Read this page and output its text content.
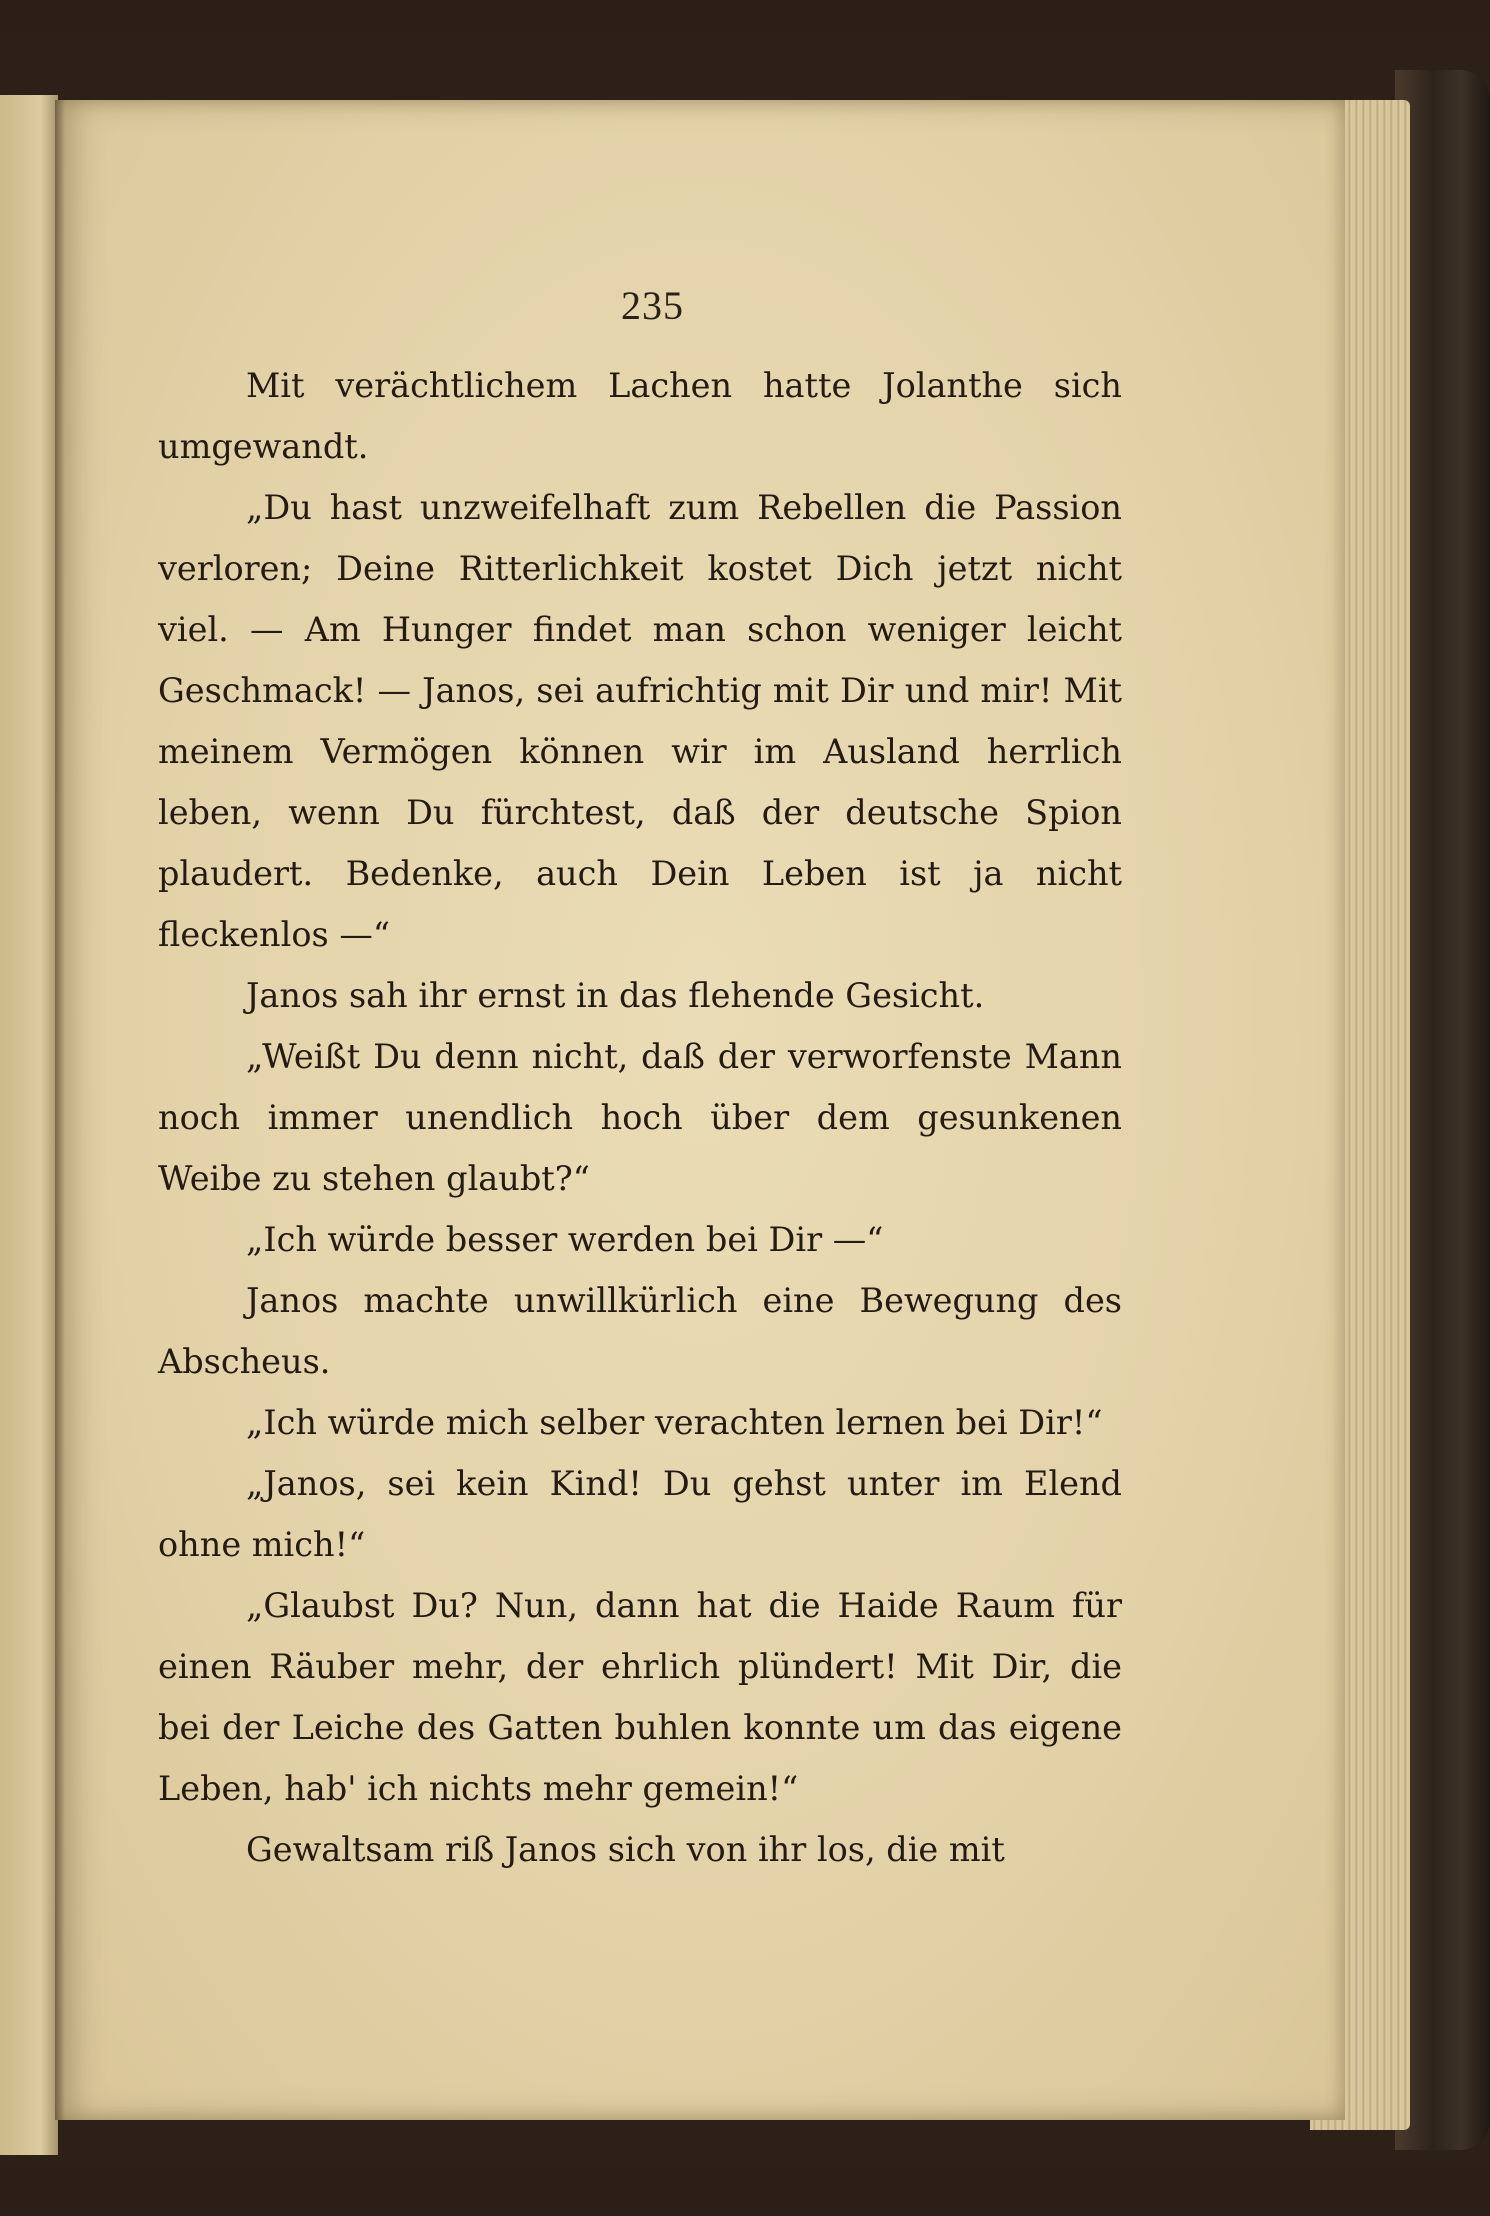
235

Mit verächtlichem Lachen hatte Jolanthe sich umgewandt.

„Du hast unzweifelhaft zum Rebellen die Passion verloren; Deine Ritterlichkeit kostet Dich jetzt nicht viel. — Am Hunger findet man schon weniger leicht Geschmack! — Janos, sei aufrichtig mit Dir und mir! Mit meinem Vermögen können wir im Ausland herrlich leben, wenn Du fürchtest, daß der deutsche Spion plaudert. Bedenke, auch Dein Leben ist ja nicht fleckenlos —“

Janos sah ihr ernst in das flehende Gesicht.

„Weißt Du denn nicht, daß der verworfenste Mann noch immer unendlich hoch über dem gesunkenen Weibe zu stehen glaubt?“

„Ich würde besser werden bei Dir —“

Janos machte unwillkürlich eine Bewegung des Abscheus.

„Ich würde mich selber verachten lernen bei Dir!“

„Janos, sei kein Kind! Du gehst unter im Elend ohne mich!“

„Glaubst Du? Nun, dann hat die Haide Raum für einen Räuber mehr, der ehrlich plündert! Mit Dir, die bei der Leiche des Gatten buhlen konnte um das eigene Leben, hab' ich nichts mehr gemein!“

Gewaltsam riß Janos sich von ihr los, die mit
